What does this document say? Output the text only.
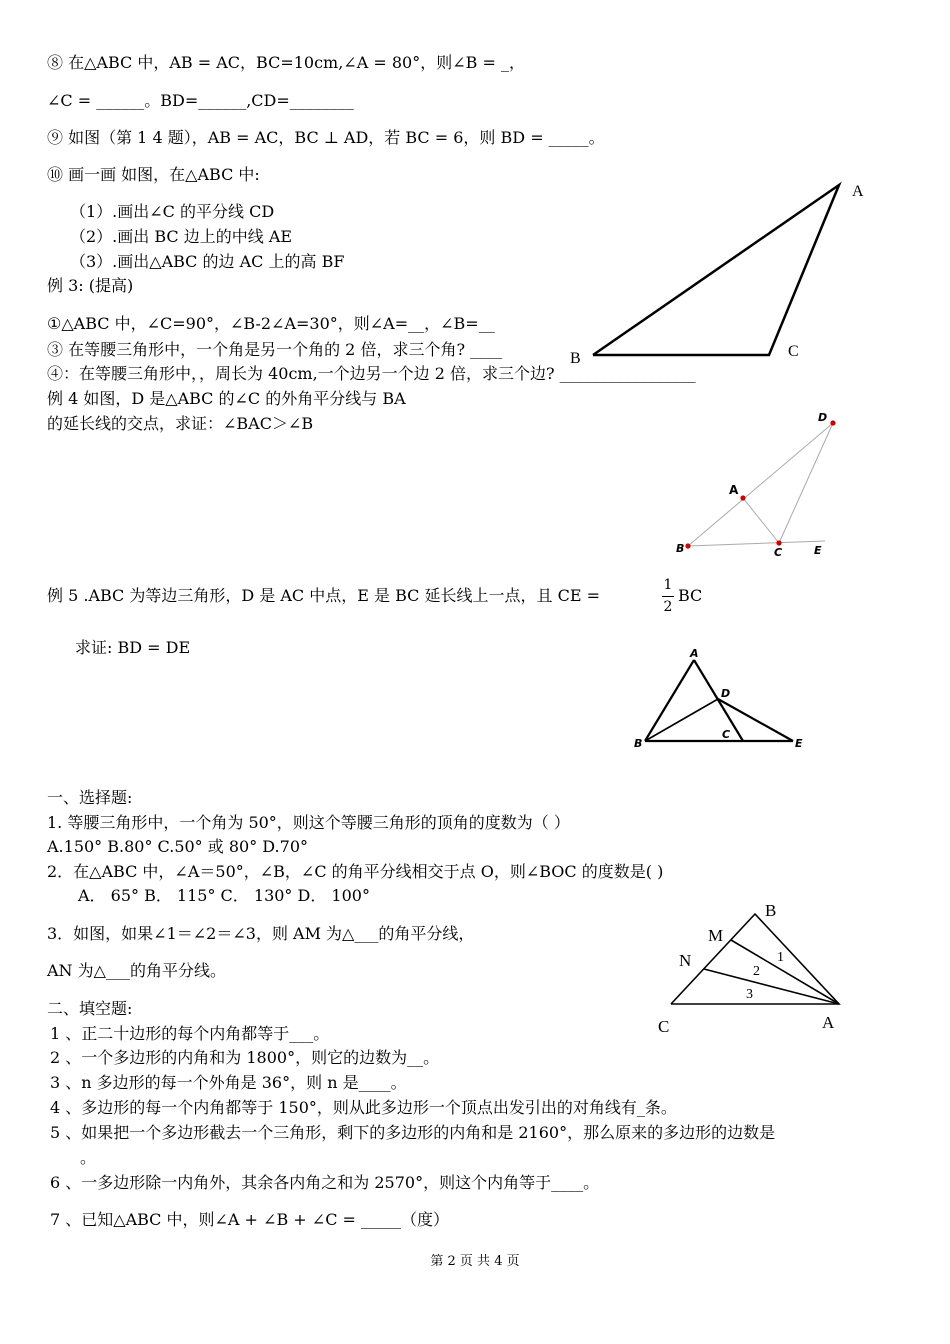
⑧ 在△ABC 中，AB = AC，BC=10cm,∠A = 80°，则∠B = _，
∠C = ______。BD=______,CD=________
⑨ 如图（第 1 4 题），AB = AC，BC ⊥ AD，若 BC = 6，则 BD = _____。
⑩ 画一画 如图，在△ABC 中:
（1）.画出∠C 的平分线 CD
（2）.画出 BC 边上的中线 AE
（3）.画出△ABC 的边 AC 上的高 BF
例 3: (提高)
①△ABC 中，∠C=90°，∠B-2∠A=30°，则∠A=__，∠B=__
③ 在等腰三角形中，一个角是另一个角的 2 倍，求三个角? ____
④：在等腰三角形中，，周长为 40cm,一个边另一个边 2 倍，求三个边? _________________
例 4 如图，D 是△ABC 的∠C 的外角平分线与 BA
的延长线的交点，求证：∠BAC＞∠B
例 5 .ABC 为等边三角形，D 是 AC 中点，E 是 BC 延长线上一点，且 CE =
1
2
BC
求证: BD = DE
一、选择题:
1. 等腰三角形中，一个角为 50°，则这个等腰三角形的顶角的度数为（ ）
A.150° B.80° C.50° 或 80° D.70°
2．在△ABC 中，∠A＝50°，∠B，∠C 的角平分线相交于点 O，则∠BOC 的度数是( )
A． 65° B． 115° C． 130° D． 100°
3．如图，如果∠1＝∠2＝∠3，则 AM 为△___的角平分线，
AN 为△___的角平分线。
二、填空题:
1 、正二十边形的每个内角都等于___。
2 、一个多边形的内角和为 1800°，则它的边数为__。
3 、n 多边形的每一个外角是 36°，则 n 是____。
4 、多边形的每一个内角都等于 150°，则从此多边形一个顶点出发引出的对角线有_条。
5 、如果把一个多边形截去一个三角形，剩下的多边形的内角和是 2160°，那么原来的多边形的边数是
。
6 、一多边形除一内角外，其余各内角之和为 2570°，则这个内角等于____。
7 、已知△ABC 中，则∠A + ∠B + ∠C = _____（度）
第 2 页 共 4 页
A
B	C
D
A
B	C	E
A
D
B
C
E
B
M
N
C	A
1
2
3
